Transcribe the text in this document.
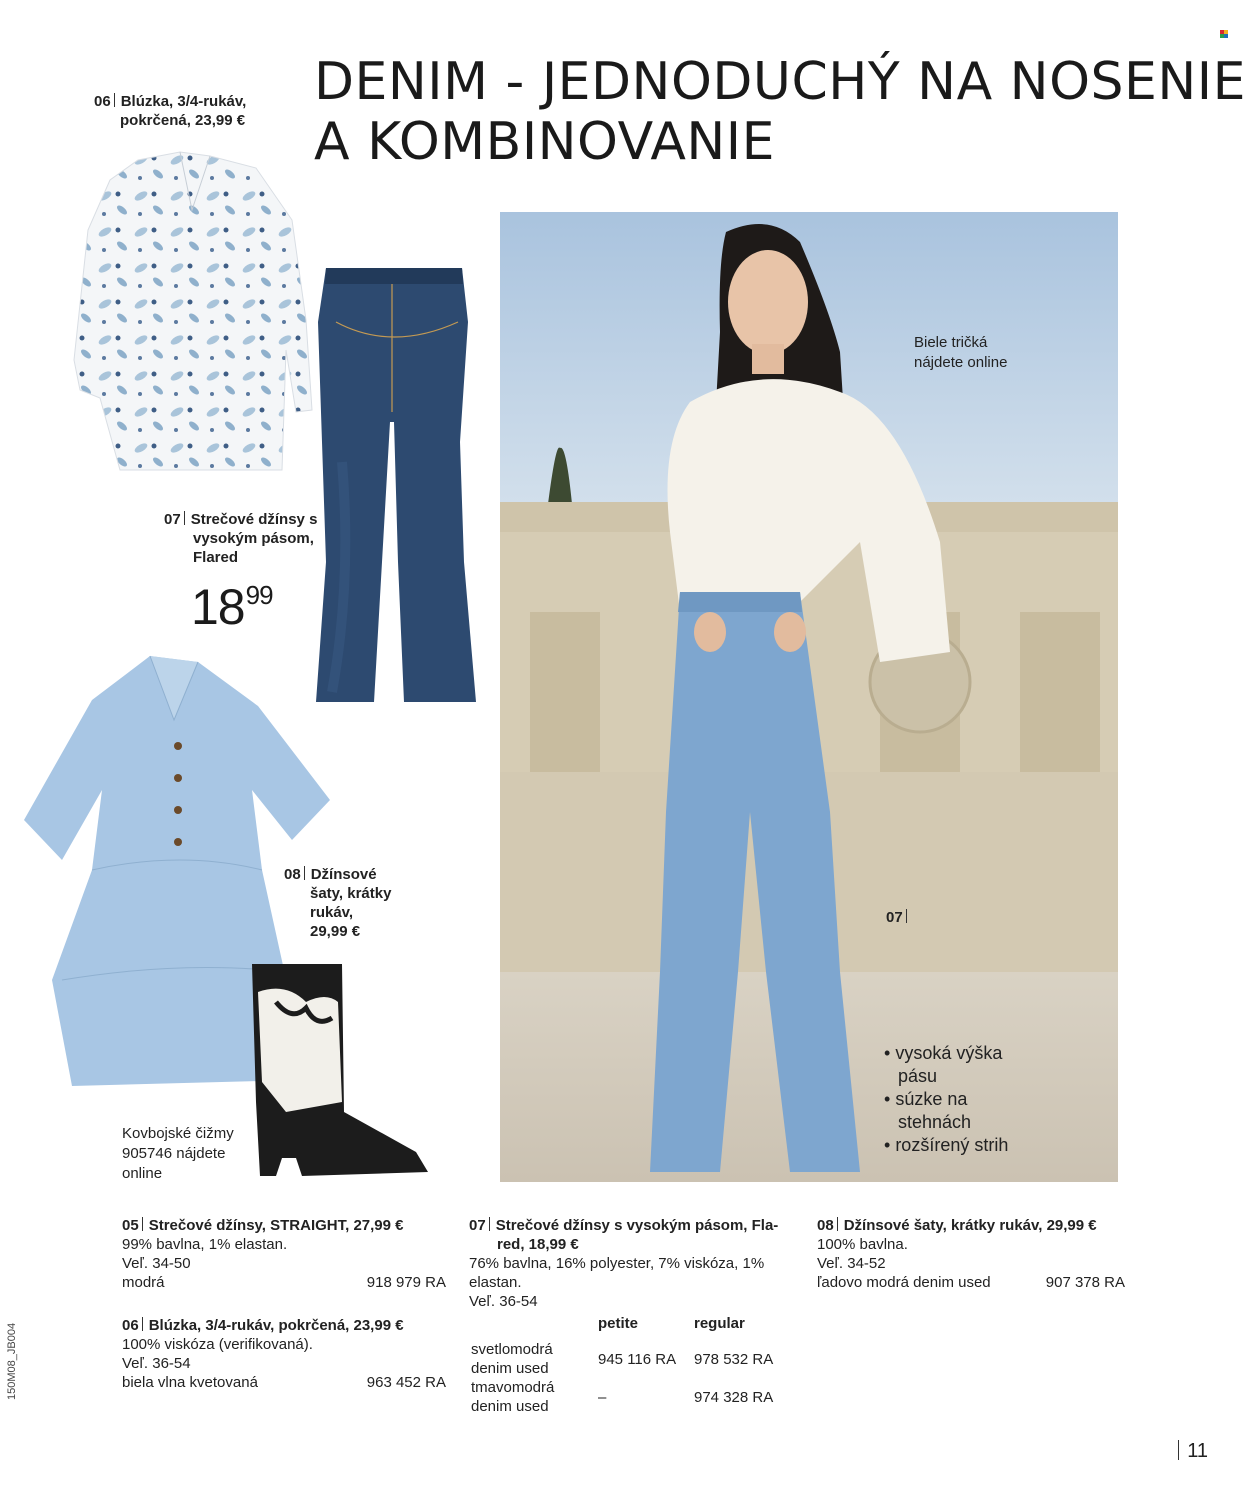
DENIM - JEDNODUCHÝ NA NOSENIE
A KOMBINOVANIE
06 Blúzka, 3/4-rukáv,
pokrčená, 23,99 €
07 Strečové džínsy s
vysokým pásom,
Flared
$18^{99}$
08 Džínsové
šaty, krátky
rukáv,
29,99 €
Kovbojské čižmy
905746 nájdete
online
Biele tričká
nájdete online
07
• vysoká výška
pásu
• súzke na
stehnách
• rozšírený strih
05 Strečové džínsy, STRAIGHT, 27,99 €
99% bavlna, 1% elastan.
Veľ. 34-50
modrá	918 979 RA
06 Blúzka, 3/4-rukáv, pokrčená, 23,99 €
100% viskóza (verifikovaná).
Veľ. 36-54
biela vlna kvetovaná	963 452 RA
07 Strečové džínsy s vysokým pásom, Fla-
red, 18,99 €
76% bavlna, 16% polyester, 7% viskóza, 1%
elastan.
Veľ. 36-54
petite	regular
svetlomodrá
denim used
945 116 RA 978 532 RA
tmavomodrá
denim used
–	974 328 RA
08 Džínsové šaty, krátky rukáv, 29,99 €
100% bavlna.
Veľ. 34-52
ľadovo modrá denim used	907 378 RA
150M08_JB004
11
